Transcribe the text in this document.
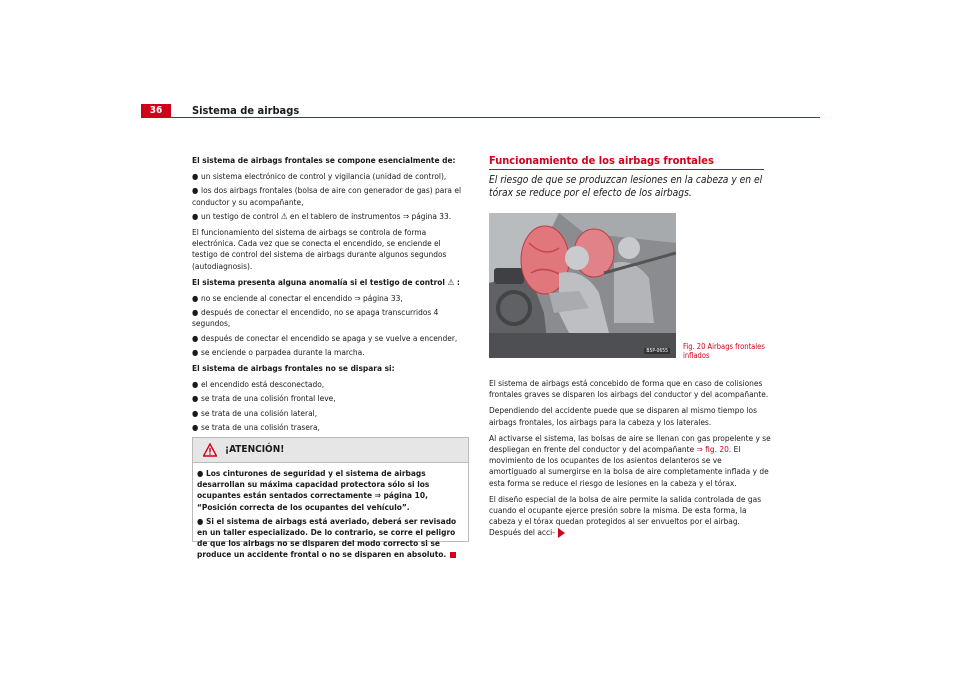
36	Sistema de airbags

El sistema de airbags frontales se compone esencialmente de:

● un sistema electrónico de control y vigilancia (unidad de control),

● los dos airbags frontales (bolsa de aire con generador de gas) para el conductor y su acompañante,

● un testigo de control ⚠ en el tablero de instrumentos ⇒ página 33.

El funcionamiento del sistema de airbags se controla de forma electrónica. Cada vez que se conecta el encendido, se enciende el testigo de control del sistema de airbags durante algunos segundos (autodiagnosis).

El sistema presenta alguna anomalía si el testigo de control ⚠ :

● no se enciende al conectar el encendido ⇒ página 33,

● después de conectar el encendido, no se apaga transcurridos 4 segundos,

● después de conectar el encendido se apaga y se vuelve a encender,

● se enciende o parpadea durante la marcha.

El sistema de airbags frontales no se dispara si:

● el encendido está desconectado,

● se trata de una colisión frontal leve,

● se trata de una colisión lateral,

● se trata de una colisión trasera,

¡ATENCIÓN!

● Los cinturones de seguridad y el sistema de airbags desarrollan su máxima capacidad protectora sólo si los ocupantes están sentados correctamente ⇒ página 10, “Posición correcta de los ocupantes del vehículo”.

● Si el sistema de airbags está averiado, deberá ser revisado en un taller especializado. De lo contrario, se corre el peligro de que los airbags no se disparen del modo correcto si se produce un accidente frontal o no se disparen en absoluto.

Funcionamiento de los airbags frontales
El riesgo de que se produzcan lesiones en la cabeza y en el tórax se reduce por el efecto de los airbags.
B5P-0655 Fig. 20 Airbags frontales
inflados

El sistema de airbags está concebido de forma que en caso de colisiones frontales graves se disparen los airbags del conductor y del acompañante.

Dependiendo del accidente puede que se disparen al mismo tiempo los airbags frontales, los airbags para la cabeza y los laterales.

Al activarse el sistema, las bolsas de aire se llenan con gas propelente y se despliegan en frente del conductor y del acompañante ⇒ fig. 20. El movimiento de los ocupantes de los asientos delanteros se ve amortiguado al sumergirse en la bolsa de aire completamente inflada y de esta forma se reduce el riesgo de lesiones en la cabeza y el tórax.

El diseño especial de la bolsa de aire permite la salida controlada de gas cuando el ocupante ejerce presión sobre la misma. De esta forma, la cabeza y el tórax quedan protegidos al ser envueltos por el airbag. Después del acci-
